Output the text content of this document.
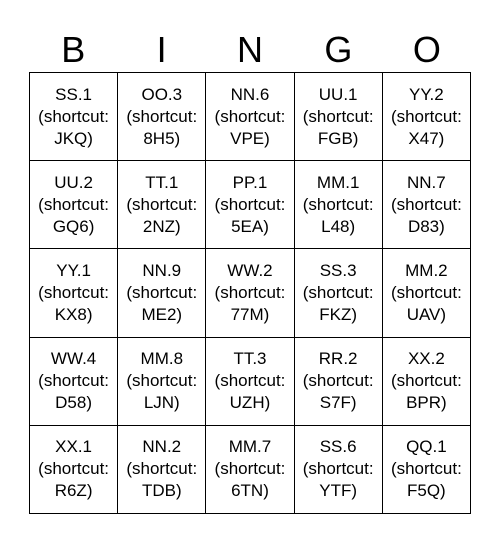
B	I	N	G	O
SS.1
(shortcut:
JKQ)	OO.3
(shortcut:
8H5)	NN.6
(shortcut:
VPE)	UU.1
(shortcut:
FGB)	YY.2
(shortcut:
X47)

UU.2
(shortcut:
GQ6)	TT.1
(shortcut:
2NZ)	PP.1
(shortcut:
5EA)	MM.1
(shortcut:
L48)	NN.7
(shortcut:
D83)

YY.1
(shortcut:
KX8)	NN.9
(shortcut:
ME2)	WW.2
(shortcut:
77M)	SS.3
(shortcut:
FKZ)	MM.2
(shortcut:
UAV)

WW.4
(shortcut:
D58)	MM.8
(shortcut:
LJN)	TT.3
(shortcut:
UZH)	RR.2
(shortcut:
S7F)	XX.2
(shortcut:
BPR)

XX.1
(shortcut:
R6Z)	NN.2
(shortcut:
TDB)	MM.7
(shortcut:
6TN)	SS.6
(shortcut:
YTF)	QQ.1
(shortcut:
F5Q)
